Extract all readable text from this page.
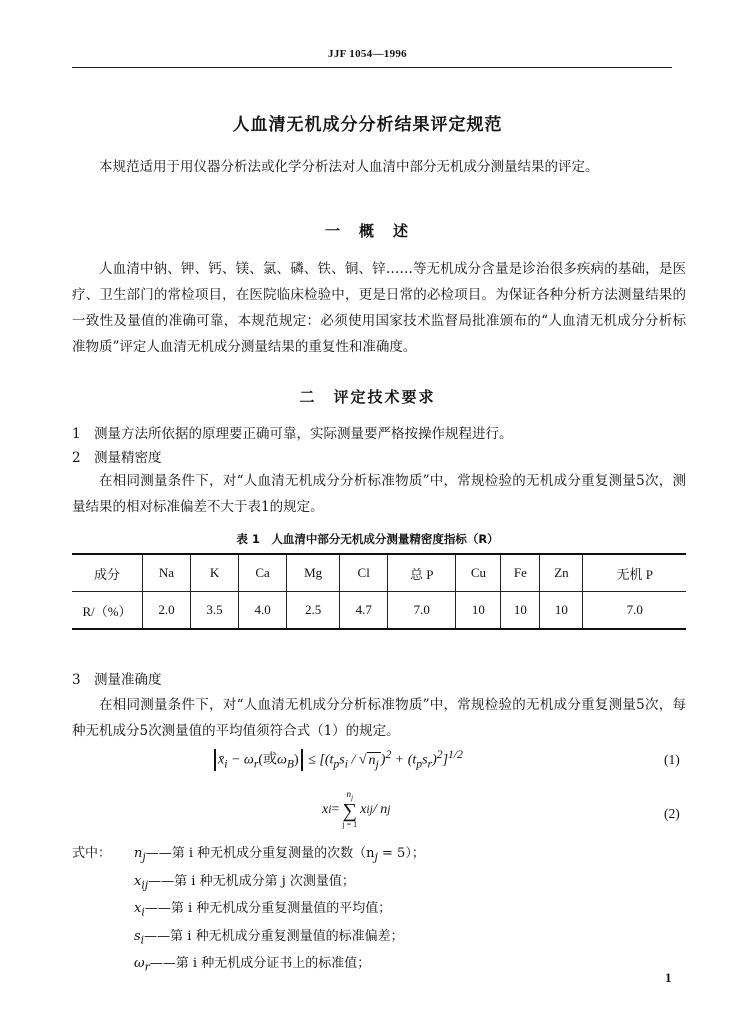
JJF 1054—1996
人血清无机成分分析结果评定规范
本规范适用于用仪器分析法或化学分析法对人血清中部分无机成分测量结果的评定。
一　概　述
人血清中钠、钾、钙、镁、氯、磷、铁、铜、锌……等无机成分含量是诊治很多疾病的基础，是医疗、卫生部门的常检项目，在医院临床检验中，更是日常的必检项目。为保证各种分析方法测量结果的一致性及量值的准确可靠，本规范规定：必须使用国家技术监督局批准颁布的“人血清无机成分分析标准物质”评定人血清无机成分测量结果的重复性和准确度。
二　评定技术要求
1 测量方法所依据的原理要正确可靠，实际测量要严格按操作规程进行。
2 测量精密度
在相同测量条件下，对“人血清无机成分分析标准物质”中，常规检验的无机成分重复测量5次，测量结果的相对标准偏差不大于表1的规定。
表 1　人血清中部分无机成分测量精密度指标（R）
成分	Na	K	Ca	Mg	Cl	总 P	Cu	Fe	Zn	无机 P
R/（%）	2.0	3.5	4.0	2.5	4.7	7.0	10	10	10	7.0
3 测量准确度
在相同测量条件下，对“人血清无机成分分析标准物质”中，常规检验的无机成分重复测量5次，每种无机成分5次测量值的平均值须符合式（1）的规定。
$x̄_i - \omega_r$(或$\omega_B) \le [(t_ps_i$ / √ $n_j$ )$^2 + (t_ps_r)^2]^{1/2}$	(1)
x i =
$n_j$
∑
j = 1
x ij / n j	(2)
式中： $n_j——$第 i 种无机成分重复测量的次数$(n_j = 5)$；
$x_{ij}——$第 i 种无机成分第 j 次测量值；
$x_i——$第 i 种无机成分重复测量值的平均值；
$s_i——$第 i 种无机成分重复测量值的标准偏差；
$\omega_r——$第 i 种无机成分证书上的标准值；
1
